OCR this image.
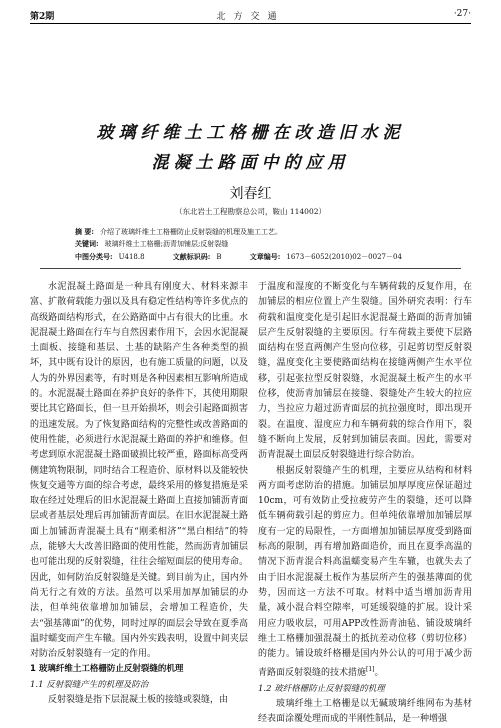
第2期	北方交通	·27·
玻璃纤维土工格栅在改造旧水泥
混凝土路面中的应用
刘春红
（东北岩土工程勘察总公司，鞍山 114002）
摘 要: 介绍了玻璃纤维土工格栅防止反射裂缝的机理及施工工艺。
关键词: 玻璃纤维土工格栅;沥青加铺层;反射裂缝
中图分类号: U418.8	文献标识码: B	文章编号: 1673－6052(2010)02－0027－04

水泥混凝土路面是一种具有刚度大、材料来源丰富、扩散荷载能力强以及具有稳定性结构等许多优点的高级路面结构形式，在公路路面中占有很大的比重。水泥混凝土路面在行车与自然因素作用下，会因水泥混凝土面板、接缝和基层、土基的缺陷产生各种类型的损坏，其中既有设计的原因，也有施工质量的问题，以及人为的外界因素等，有时则是各种因素相互影响所造成的。水泥混凝土路面在养护良好的条件下，其使用期限要比其它路面长，但一旦开始损坏，则会引起路面损害的迅速发展。为了恢复路面结构的完整性或改善路面的使用性能，必须进行水泥混凝土路面的养护和维修。但考虑到原水泥混凝土路面破损比较严重，路面标高受两侧建筑物限制，同时结合工程造价、原材料以及能较快恢复交通等方面的综合考虑，最终采用的修复措施是采取在经过处理后的旧水泥混凝土路面上直接加铺沥青面层或者基层处理后再加铺沥青面层。在旧水泥混凝土路面上加铺沥青混凝土具有“刚柔相济”“黑白相结”的特点，能够大大改善旧路面的使用性能，然而沥青加铺层也可能出现的反射裂缝，往往会缩短面层的使用寿命。因此，如何防治反射裂缝是关键。到目前为止，国内外尚无行之有效的方法。虽然可以采用加厚加铺层的办法，但单纯依靠增加加铺层，会增加工程造价，失去“强基薄面”的优势，同时过厚的面层会导致在夏季高温时蠕变而产生车辙。国内外实践表明，设置中间夹层对防治反射裂缝有一定的作用。

1 玻璃纤维土工格栅防止反射裂缝的机理

1.1 反射裂缝产生的机理及防治

反射裂缝是指下层混凝土板的接缝或裂缝，由

于温度和湿度的不断变化与车辆荷载的反复作用，在加铺层的相应位置上产生裂缝。国外研究表明：行车荷载和温度变化是引起旧水泥混凝土路面的沥青加铺层产生反射裂缝的主要原因。行车荷载主要使下层路面结构在竖直两侧产生竖向位移，引起剪切型反射裂缝，温度变化主要使路面结构在接缝两侧产生水平位移，引起张拉型反射裂缝，水泥混凝土板产生的水平位移，使沥青加铺层在接缝、裂缝处产生较大的拉应力，当拉应力超过沥青面层的抗拉强度时，即出现开裂。在温度、湿度应力和车辆荷载的综合作用下，裂缝不断向上发展，反射到加铺层表面。因此，需要对沥青混凝土面层反射裂缝进行综合防治。

根据反射裂缝产生的机理，主要应从结构和材料两方面考虑防治的措施。加铺层加厚厚度应保证超过10cm，可有效防止受拉疲劳产生的裂缝，还可以降低车辆荷载引起的剪应力。但单纯依靠增加加铺层厚度有一定的局限性，一方面增加加铺层厚度受到路面标高的限制，再有增加路面造价，而且在夏季高温的情况下沥青混合料高温蠕变易产生车辙，也就失去了由于旧水泥混凝土板作为基层所产生的强基薄面的优势，因而这一方法不可取。材料中适当增加沥青用量，减小混合料空隙率，可延缓裂缝的扩展。设计采用应力吸收层，可用APP改性沥青油毡、铺设玻璃纤维土工格栅加强混凝土的抵抗差动位移（剪切位移）的能力。铺设玻纤格栅是国内外公认的可用于减少沥青路面反射裂缝的技术措施[1]。

1.2 玻纤格栅防止反射裂缝的机理

玻璃纤维土工格栅是以无碱玻璃纤维网布为基材经表面涂覆处理而成的半刚性制品，是一种增强
